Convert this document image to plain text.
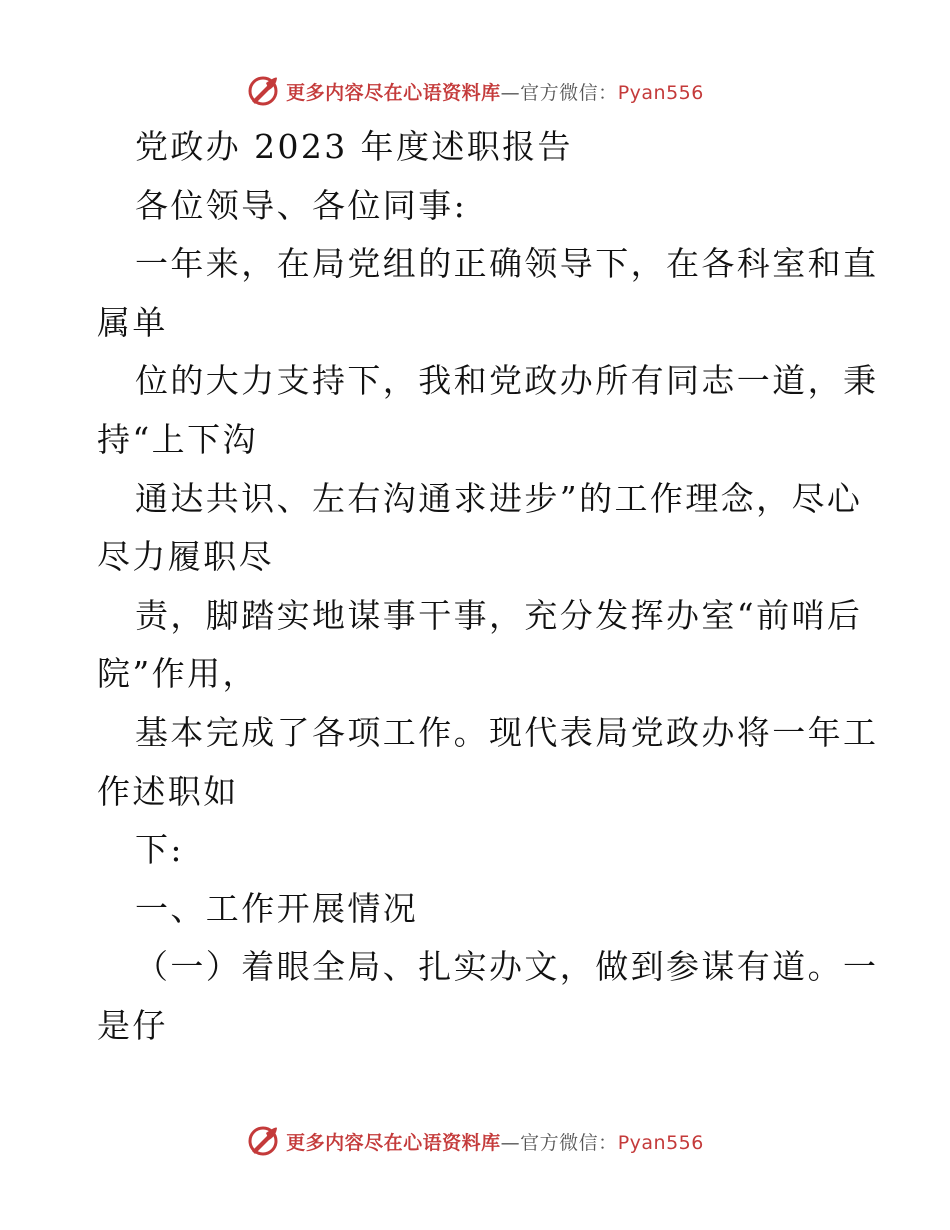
更多内容尽在心语资料库—官方微信：Pyan556
党政办 2023 年度述职报告
各位领导、各位同事:
一年来，在局党组的正确领导下，在各科室和直
属单
位的大力支持下，我和党政办所有同志一道，秉
持“上下沟
通达共识、左右沟通求进步”的工作理念，尽心
尽力履职尽
责，脚踏实地谋事干事，充分发挥办室“前哨后
院”作用，
基本完成了各项工作。现代表局党政办将一年工
作述职如
下:
一、工作开展情况
（一）着眼全局、扎实办文，做到参谋有道。一
是仔
更多内容尽在心语资料库—官方微信：Pyan556
